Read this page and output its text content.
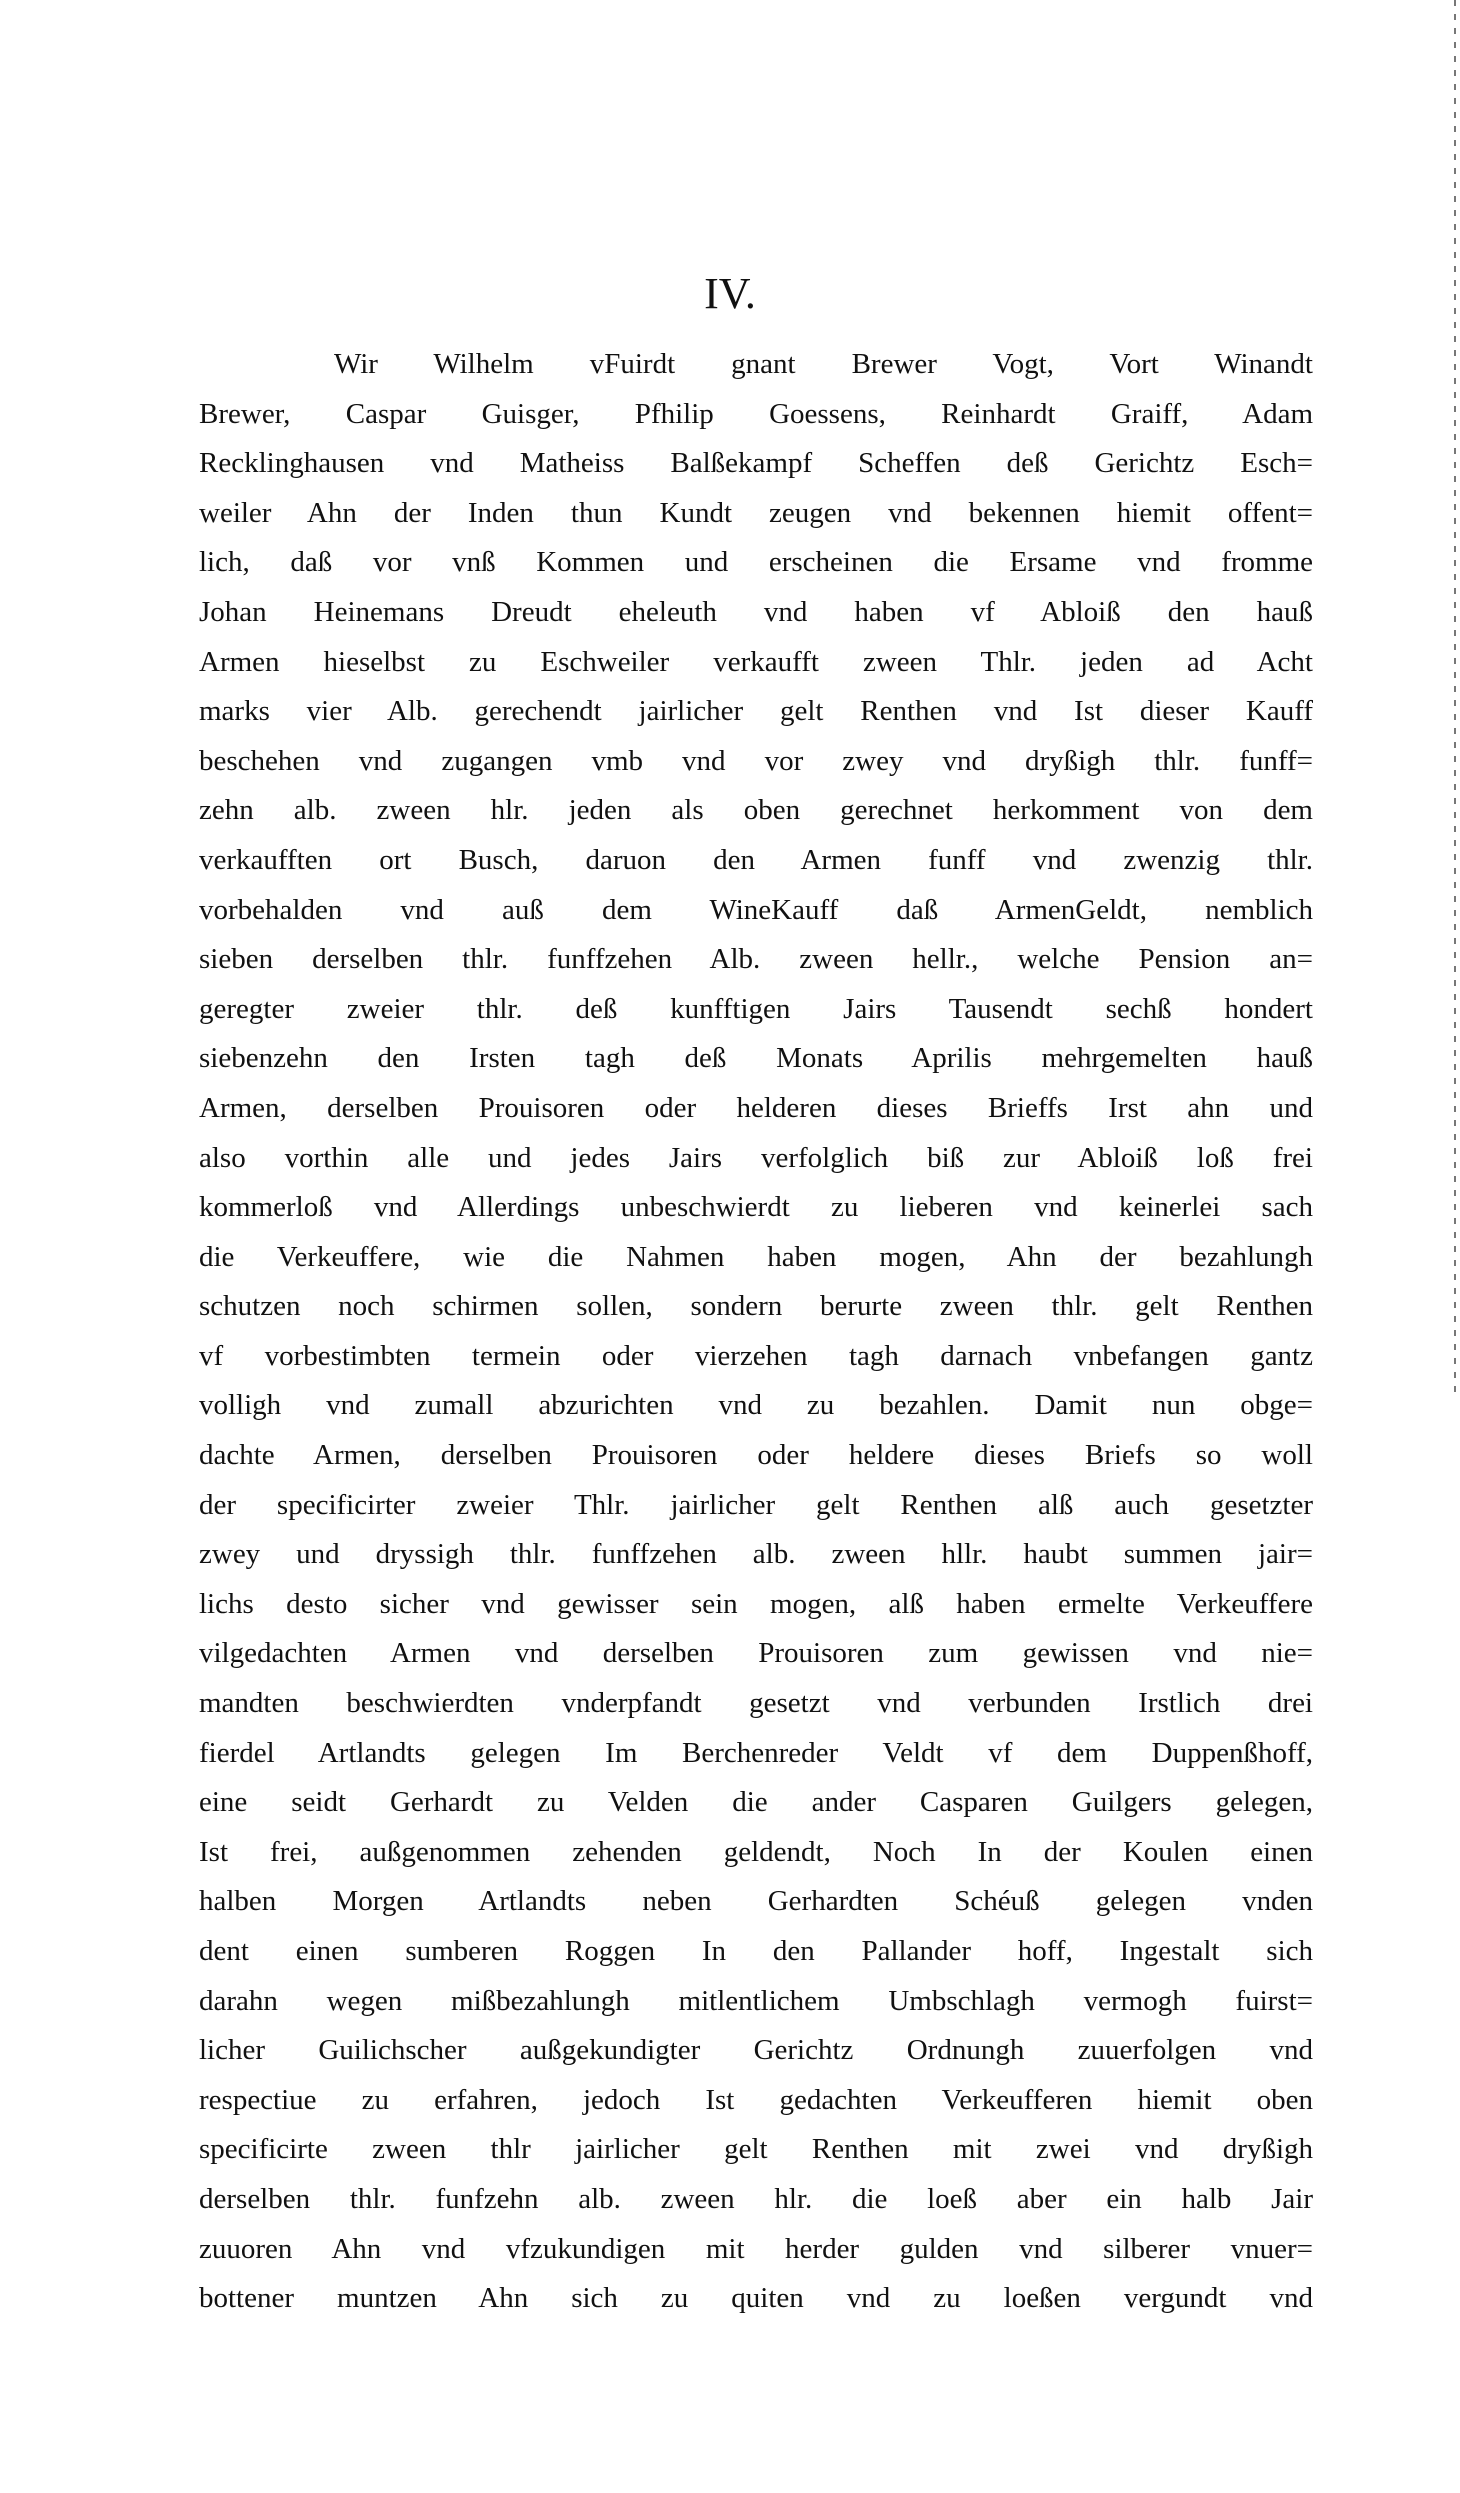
IV.
Wir Wilhelm vFuirdt gnant Brewer Vogt, Vort Winandt
Brewer, Caspar Guisger, Pfhilip Goessens, Reinhardt Graiff, Adam
Recklinghausen vnd Matheiss Balßekampf Scheffen deß Gerichtz Esch=
weiler Ahn der Inden thun Kundt zeugen vnd bekennen hiemit offent=
lich, daß vor vnß Kommen und erscheinen die Ersame vnd fromme
Johan Heinemans Dreudt eheleuth vnd haben vf Abloiß den hauß
Armen hieselbst zu Eschweiler verkaufft zween Thlr. jeden ad Acht
marks vier Alb. gerechendt jairlicher gelt Renthen vnd Ist dieser Kauff
beschehen vnd zugangen vmb vnd vor zwey vnd dryßigh thlr. funff=
zehn alb. zween hlr. jeden als oben gerechnet herkomment von dem
verkaufften ort Busch, daruon den Armen funff vnd zwenzig thlr.
vorbehalden vnd auß dem WineKauff daß ArmenGeldt, nemblich
sieben derselben thlr. funffzehen Alb. zween hellr., welche Pension an=
geregter zweier thlr. deß kunfftigen Jairs Tausendt sechß hondert
siebenzehn den Irsten tagh deß Monats Aprilis mehrgemelten hauß
Armen, derselben Prouisoren oder helderen dieses Brieffs Irst ahn und
also vorthin alle und jedes Jairs verfolglich biß zur Abloiß loß frei
kommerloß vnd Allerdings unbeschwierdt zu lieberen vnd keinerlei sach
die Verkeuffere, wie die Nahmen haben mogen, Ahn der bezahlungh
schutzen noch schirmen sollen, sondern berurte zween thlr. gelt Renthen
vf vorbestimbten termein oder vierzehen tagh darnach vnbefangen gantz
volligh vnd zumall abzurichten vnd zu bezahlen. Damit nun obge=
dachte Armen, derselben Prouisoren oder heldere dieses Briefs so woll
der specificirter zweier Thlr. jairlicher gelt Renthen alß auch gesetzter
zwey und dryssigh thlr. funffzehen alb. zween hllr. haubt summen jair=
lichs desto sicher vnd gewisser sein mogen, alß haben ermelte Verkeuffere
vilgedachten Armen vnd derselben Prouisoren zum gewissen vnd nie=
mandten beschwierdten vnderpfandt gesetzt vnd verbunden Irstlich drei
fierdel Artlandts gelegen Im Berchenreder Veldt vf dem Duppenßhoff,
eine seidt Gerhardt zu Velden die ander Casparen Guilgers gelegen,
Ist frei, außgenommen zehenden geldendt, Noch In der Koulen einen
halben Morgen Artlandts neben Gerhardten Schéuß gelegen vnden
dent einen sumberen Roggen In den Pallander hoff, Ingestalt sich
darahn wegen mißbezahlungh mitlentlichem Umbschlagh vermogh fuirst=
licher Guilichscher außgekundigter Gerichtz Ordnungh zuuerfolgen vnd
respectiue zu erfahren, jedoch Ist gedachten Verkeufferen hiemit oben
specificirte zween thlr jairlicher gelt Renthen mit zwei vnd dryßigh
derselben thlr. funfzehn alb. zween hlr. die loeß aber ein halb Jair
zuuoren Ahn vnd vfzukundigen mit herder gulden vnd silberer vnuer=
bottener muntzen Ahn sich zu quiten vnd zu loeßen vergundt vnd
